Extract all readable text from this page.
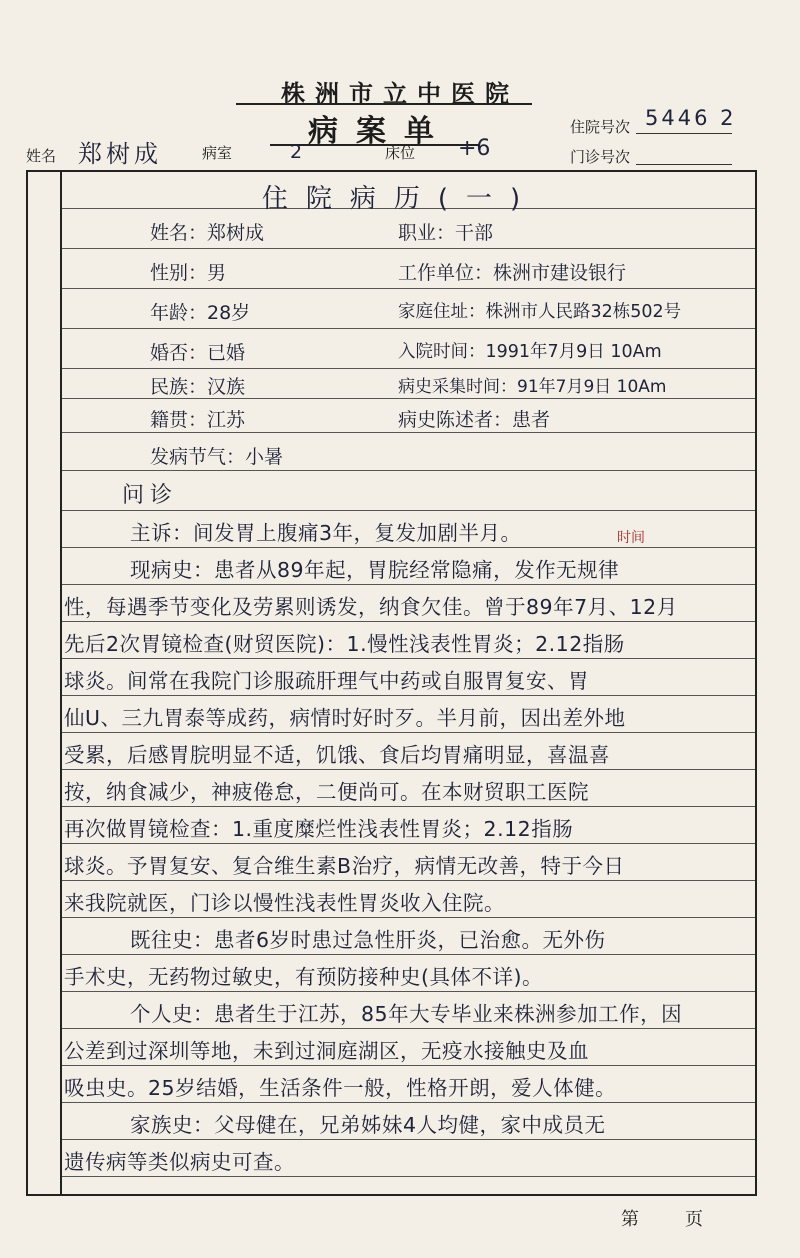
株洲市立中医院
病案单	住院号次 5446 2
姓名 郑树成	病室	2	床位 +6	门诊号次
住院病历(一)
姓名：郑树成	职业：干部
性别：男	工作单位：株洲市建设银行
年龄：28岁	家庭住址：株洲市人民路32栋502号
婚否：已婚	入院时间：1991年7月9日 10Am
民族：汉族	病史采集时间：91年7月9日 10Am
籍贯：江苏	病史陈述者：患者
发病节气：小暑
问诊
时间
主诉：间发胃上腹痛3年，复发加剧半月。
现病史：患者从89年起，胃脘经常隐痛，发作无规律
性，每遇季节变化及劳累则诱发，纳食欠佳。曾于89年7月、12月
先后2次胃镜检查(财贸医院)：1.慢性浅表性胃炎；2.12指肠
球炎。间常在我院门诊服疏肝理气中药或自服胃复安、胃
仙U、三九胃泰等成药，病情时好时歹。半月前，因出差外地
受累，后感胃脘明显不适，饥饿、食后均胃痛明显，喜温喜
按，纳食减少，神疲倦怠，二便尚可。在本财贸职工医院
再次做胃镜检查：1.重度糜烂性浅表性胃炎；2.12指肠
球炎。予胃复安、复合维生素B治疗，病情无改善，特于今日
来我院就医，门诊以慢性浅表性胃炎收入住院。
既往史：患者6岁时患过急性肝炎，已治愈。无外伤
手术史，无药物过敏史，有预防接种史(具体不详)。
个人史：患者生于江苏，85年大专毕业来株洲参加工作，因
公差到过深圳等地，未到过洞庭湖区，无疫水接触史及血
吸虫史。25岁结婚，生活条件一般，性格开朗，爱人体健。
家族史：父母健在，兄弟姊妹4人均健，家中成员无
遗传病等类似病史可查。
第页
